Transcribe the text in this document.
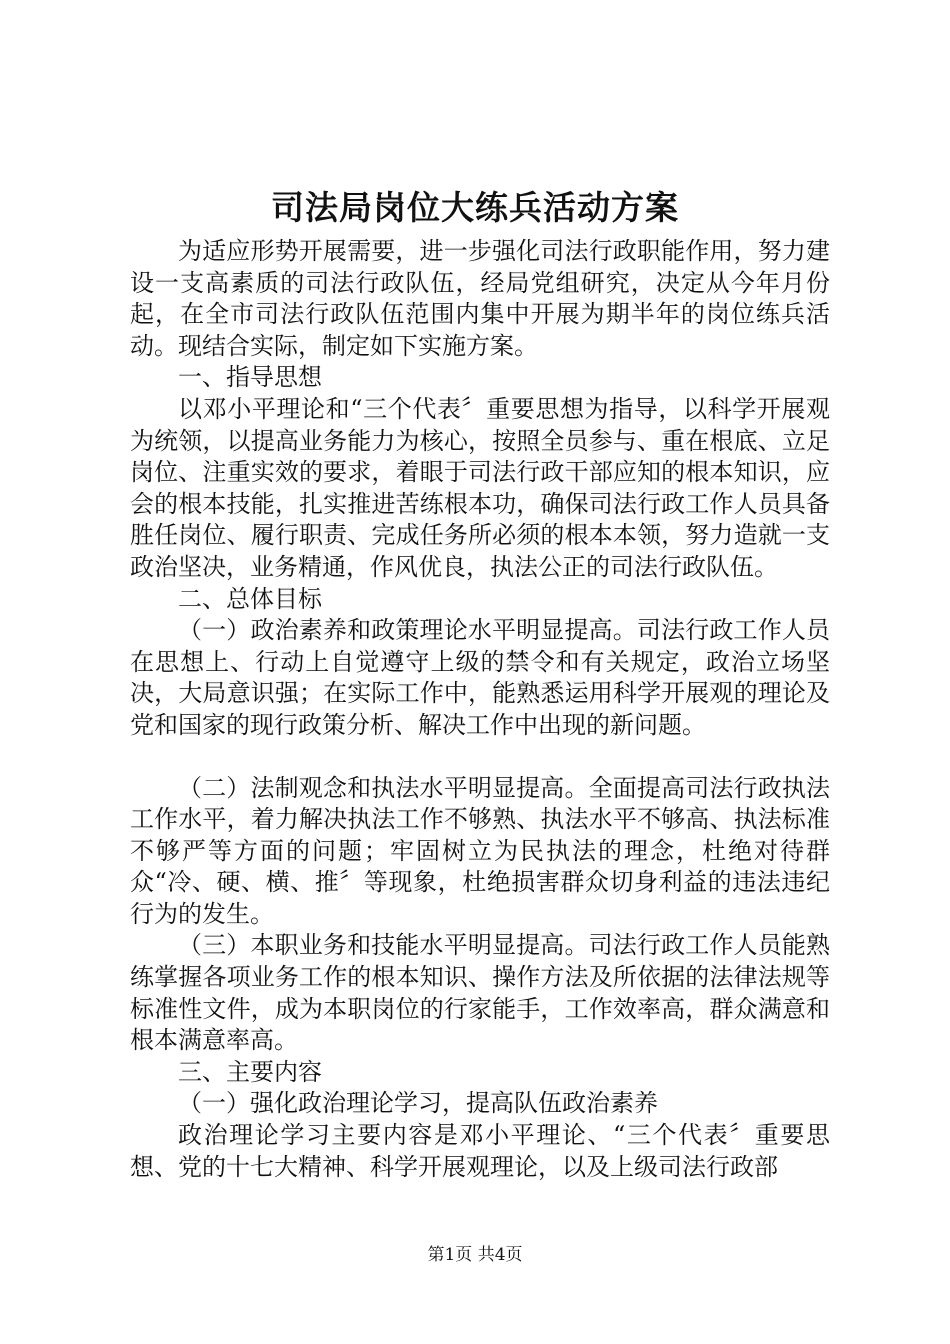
司法局岗位大练兵活动方案

为适应形势开展需要，进一步强化司法行政职能作用，努力建设一支高素质的司法行政队伍，经局党组研究，决定从今年月份起，在全市司法行政队伍范围内集中开展为期半年的岗位练兵活动。现结合实际，制定如下实施方案。

一、指导思想

以邓小平理论和“三个代表〞重要思想为指导，以科学开展观为统领，以提高业务能力为核心，按照全员参与、重在根底、立足岗位、注重实效的要求，着眼于司法行政干部应知的根本知识，应会的根本技能，扎实推进苦练根本功，确保司法行政工作人员具备胜任岗位、履行职责、完成任务所必须的根本本领，努力造就一支政治坚决，业务精通，作风优良，执法公正的司法行政队伍。

二、总体目标

（一）政治素养和政策理论水平明显提高。司法行政工作人员在思想上、行动上自觉遵守上级的禁令和有关规定，政治立场坚决，大局意识强；在实际工作中，能熟悉运用科学开展观的理论及党和国家的现行政策分析、解决工作中出现的新问题。

（二）法制观念和执法水平明显提高。全面提高司法行政执法工作水平，着力解决执法工作不够熟、执法水平不够高、执法标准不够严等方面的问题；牢固树立为民执法的理念，杜绝对待群众“冷、硬、横、推〞等现象，杜绝损害群众切身利益的违法违纪行为的发生。

（三）本职业务和技能水平明显提高。司法行政工作人员能熟练掌握各项业务工作的根本知识、操作方法及所依据的法律法规等标准性文件，成为本职岗位的行家能手，工作效率高，群众满意和根本满意率高。

三、主要内容

（一）强化政治理论学习，提高队伍政治素养

政治理论学习主要内容是邓小平理论、“三个代表〞重要思想、党的十七大精神、科学开展观理论，以及上级司法行政部

第1页 共4页
